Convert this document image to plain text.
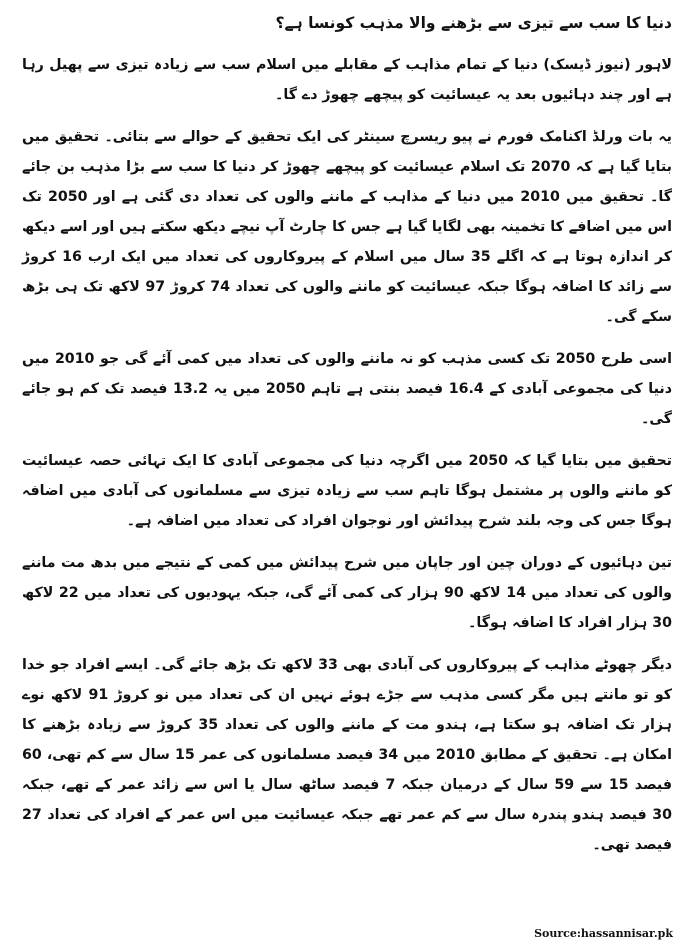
دنیا کا سب سے تیزی سے بڑھنے والا مذہب کونسا ہے؟

لاہور (نیوز ڈیسک) دنیا کے تمام مذاہب کے مقابلے میں اسلام سب سے زیادہ تیزی سے پھیل رہا ہے اور چند دہائیوں بعد یہ عیسائیت کو پیچھے چھوڑ دے گا۔

یہ بات ورلڈ اکنامک فورم نے پیو ریسرچ سینٹر کی ایک تحقیق کے حوالے سے بتائی۔ تحقیق میں بتایا گیا ہے کہ 2070 تک اسلام عیسائیت کو پیچھے چھوڑ کر دنیا کا سب سے بڑا مذہب بن جائے گا۔ تحقیق میں 2010 میں دنیا کے مذاہب کے ماننے والوں کی تعداد دی گئی ہے اور 2050 تک اس میں اضافے کا تخمینہ بھی لگایا گیا ہے جس کا چارٹ آپ نیچے دیکھ سکتے ہیں اور اسے دیکھ کر اندازہ ہوتا ہے کہ اگلے 35 سال میں اسلام کے پیروکاروں کی تعداد میں ایک ارب 16 کروڑ سے زائد کا اضافہ ہوگا جبکہ عیسائیت کو ماننے والوں کی تعداد 74 کروڑ 97 لاکھ تک ہی بڑھ سکے گی۔

اسی طرح 2050 تک کسی مذہب کو نہ ماننے والوں کی تعداد میں کمی آئے گی جو 2010 میں دنیا کی مجموعی آبادی کے 16.4 فیصد بنتی ہے تاہم 2050 میں یہ 13.2 فیصد تک کم ہو جائے گی۔

تحقیق میں بتایا گیا کہ 2050 میں اگرچہ دنیا کی مجموعی آبادی کا ایک تہائی حصہ عیسائیت کو ماننے والوں پر مشتمل ہوگا تاہم سب سے زیادہ تیزی سے مسلمانوں کی آبادی میں اضافہ ہوگا جس کی وجہ بلند شرح پیدائش اور نوجوان افراد کی تعداد میں اضافہ ہے۔

تین دہائیوں کے دوران چین اور جاپان میں شرح پیدائش میں کمی کے نتیجے میں بدھ مت ماننے والوں کی تعداد میں 14 لاکھ 90 ہزار کی کمی آئے گی، جبکہ یہودیوں کی تعداد میں 22 لاکھ 30 ہزار افراد کا اضافہ ہوگا۔

دیگر چھوٹے مذاہب کے پیروکاروں کی آبادی بھی 33 لاکھ تک بڑھ جائے گی۔ ایسے افراد جو خدا کو تو مانتے ہیں مگر کسی مذہب سے جڑے ہوئے نہیں ان کی تعداد میں نو کروڑ 91 لاکھ نوے ہزار تک اضافہ ہو سکتا ہے، ہندو مت کے ماننے والوں کی تعداد 35 کروڑ سے زیادہ بڑھنے کا امکان ہے۔ تحقیق کے مطابق 2010 میں 34 فیصد مسلمانوں کی عمر 15 سال سے کم تھی، 60 فیصد 15 سے 59 سال کے درمیان جبکہ 7 فیصد ساٹھ سال یا اس سے زائد عمر کے تھے، جبکہ 30 فیصد ہندو پندرہ سال سے کم عمر تھے جبکہ عیسائیت میں اس عمر کے افراد کی تعداد 27 فیصد تھی۔

Source:hassannisar.pk
